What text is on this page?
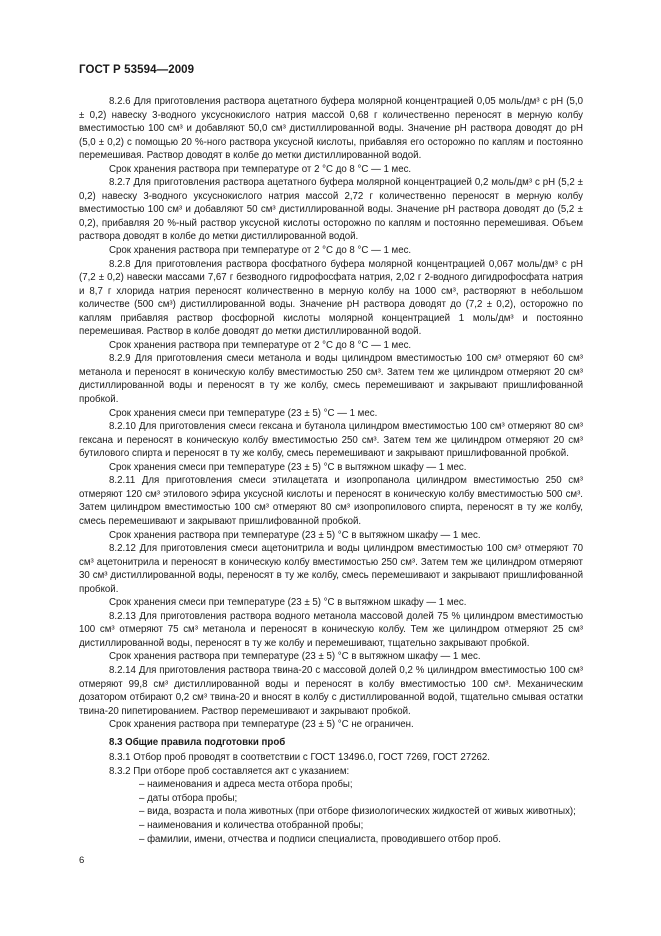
ГОСТ Р 53594—2009

8.2.6 Для приготовления раствора ацетатного буфера молярной концентрацией 0,05 моль/дм³ с рН (5,0 ± 0,2) навеску 3-водного уксуснокислого натрия массой 0,68 г количественно переносят в мерную колбу вместимостью 100 см³ и добавляют 50,0 см³ дистиллированной воды. Значение рН раствора доводят до рН (5,0 ± 0,2) с помощью 20 %-ного раствора уксусной кислоты, прибавляя его осторожно по каплям и постоянно перемешивая. Раствор доводят в колбе до метки дистиллированной водой.

Срок хранения раствора при температуре от 2 °С до 8 °С — 1 мес.

8.2.7 Для приготовления раствора ацетатного буфера молярной концентрацией 0,2 моль/дм³ с рН (5,2 ± 0,2) навеску 3-водного уксуснокислого натрия массой 2,72 г количественно переносят в мерную колбу вместимостью 100 см³ и добавляют 50 см³ дистиллированной воды. Значение рН раствора доводят до (5,2 ± 0,2), прибавляя 20 %-ный раствор уксусной кислоты осторожно по каплям и постоянно перемешивая. Объем раствора доводят в колбе до метки дистиллированной водой.

Срок хранения раствора при температуре от 2 °С до 8 °С — 1 мес.

8.2.8 Для приготовления раствора фосфатного буфера молярной концентрацией 0,067 моль/дм³ с рН (7,2 ± 0,2) навески массами 7,67 г безводного гидрофосфата натрия, 2,02 г 2-водного дигидрофосфата натрия и 8,7 г хлорида натрия переносят количественно в мерную колбу на 1000 см³, растворяют в небольшом количестве (500 см³) дистиллированной воды. Значение рН раствора доводят до (7,2 ± 0,2), осторожно по каплям прибавляя раствор фосфорной кислоты молярной концентрацией 1 моль/дм³ и постоянно перемешивая. Раствор в колбе доводят до метки дистиллированной водой.

Срок хранения раствора при температуре от 2 °С до 8 °С — 1 мес.

8.2.9 Для приготовления смеси метанола и воды цилиндром вместимостью 100 см³ отмеряют 60 см³ метанола и переносят в коническую колбу вместимостью 250 см³. Затем тем же цилиндром отмеряют 20 см³ дистиллированной воды и переносят в ту же колбу, смесь перемешивают и закрывают пришлифованной пробкой.

Срок хранения смеси при температуре (23 ± 5) °С — 1 мес.

8.2.10 Для приготовления смеси гексана и бутанола цилиндром вместимостью 100 см³ отмеряют 80 см³ гексана и переносят в коническую колбу вместимостью 250 см³. Затем тем же цилиндром отмеряют 20 см³ бутилового спирта и переносят в ту же колбу, смесь перемешивают и закрывают пришлифованной пробкой.

Срок хранения смеси при температуре (23 ± 5) °С в вытяжном шкафу — 1 мес.

8.2.11 Для приготовления смеси этилацетата и изопропанола цилиндром вместимостью 250 см³ отмеряют 120 см³ этилового эфира уксусной кислоты и переносят в коническую колбу вместимостью 500 см³. Затем цилиндром вместимостью 100 см³ отмеряют 80 см³ изопропилового спирта, переносят в ту же колбу, смесь перемешивают и закрывают пришлифованной пробкой.

Срок хранения раствора при температуре (23 ± 5) °С в вытяжном шкафу — 1 мес.

8.2.12 Для приготовления смеси ацетонитрила и воды цилиндром вместимостью 100 см³ отмеряют 70 см³ ацетонитрила и переносят в коническую колбу вместимостью 250 см³. Затем тем же цилиндром отмеряют 30 см³ дистиллированной воды, переносят в ту же колбу, смесь перемешивают и закрывают пришлифованной пробкой.

Срок хранения смеси при температуре (23 ± 5) °С в вытяжном шкафу — 1 мес.

8.2.13 Для приготовления раствора водного метанола массовой долей 75 % цилиндром вместимостью 100 см³ отмеряют 75 см³ метанола и переносят в коническую колбу. Тем же цилиндром отмеряют 25 см³ дистиллированной воды, переносят в ту же колбу и перемешивают, тщательно закрывают пробкой.

Срок хранения раствора при температуре (23 ± 5) °С в вытяжном шкафу — 1 мес.

8.2.14 Для приготовления раствора твина-20 с массовой долей 0,2 % цилиндром вместимостью 100 см³ отмеряют 99,8 см³ дистиллированной воды и переносят в колбу вместимостью 100 см³. Механическим дозатором отбирают 0,2 см³ твина-20 и вносят в колбу с дистиллированной водой, тщательно смывая остатки твина-20 пипетированием. Раствор перемешивают и закрывают пробкой.

Срок хранения раствора при температуре (23 ± 5) °С не ограничен.

8.3 Общие правила подготовки проб

8.3.1 Отбор проб проводят в соответствии с ГОСТ 13496.0, ГОСТ 7269, ГОСТ 27262.

8.3.2 При отборе проб составляется акт с указанием:

– наименования и адреса места отбора пробы;

– даты отбора пробы;

– вида, возраста и пола животных (при отборе физиологических жидкостей от живых животных);

– наименования и количества отобранной пробы;

– фамилии, имени, отчества и подписи специалиста, проводившего отбор проб.

6
